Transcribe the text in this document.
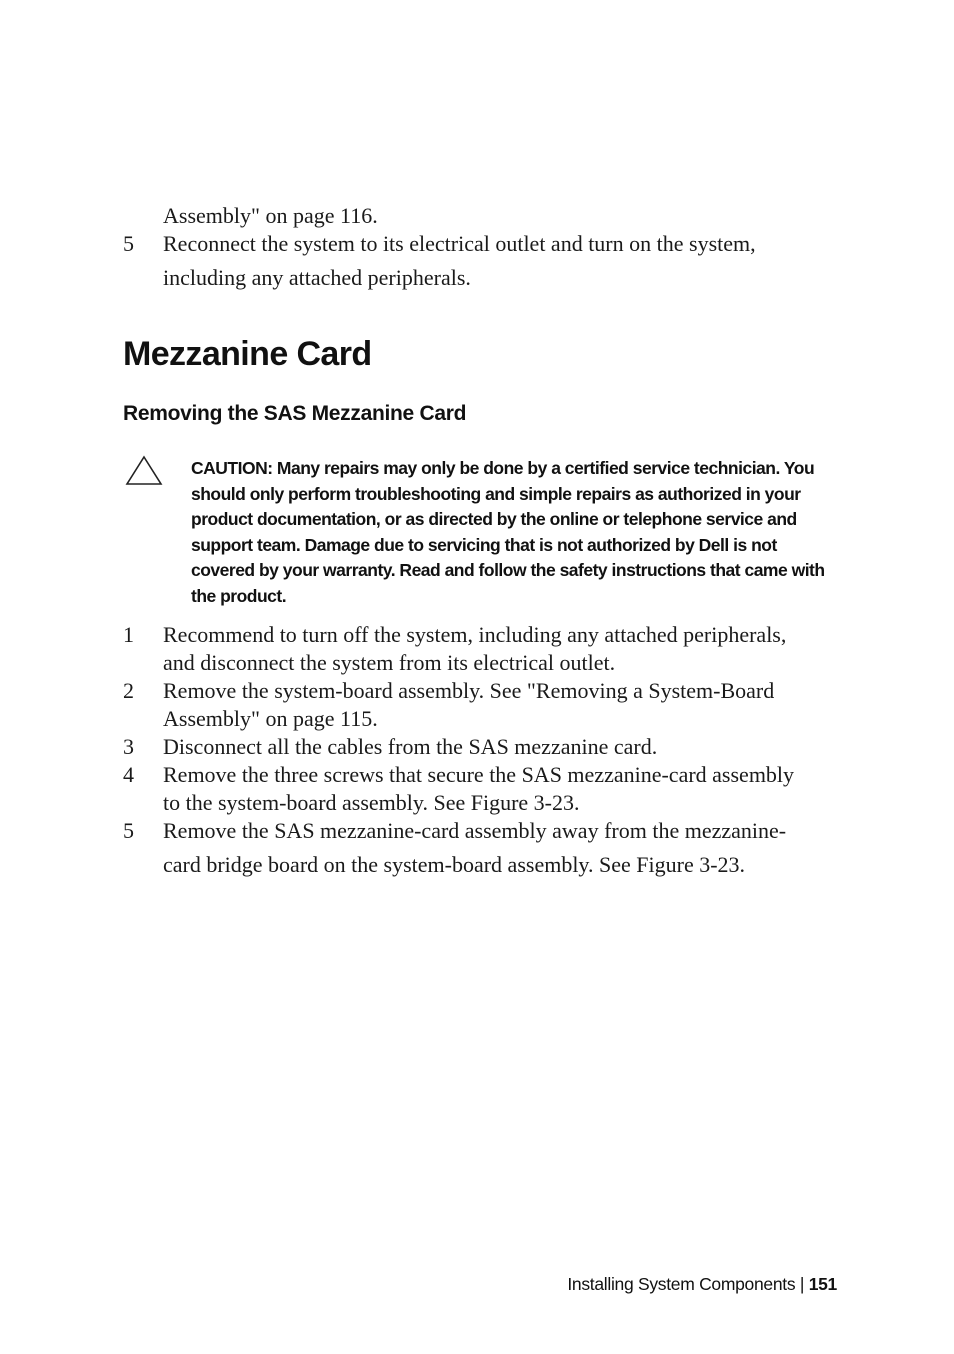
Assembly" on page 116.
5	Reconnect the system to its electrical outlet and turn on the system,
including any attached peripherals.
Mezzanine Card
Removing the SAS Mezzanine Card
CAUTION: Many repairs may only be done by a certified service technician. You
should only perform troubleshooting and simple repairs as authorized in your
product documentation, or as directed by the online or telephone service and
support team. Damage due to servicing that is not authorized by Dell is not
covered by your warranty. Read and follow the safety instructions that came with
the product.
1	Recommend to turn off the system, including any attached peripherals,
and disconnect the system from its electrical outlet.
2	Remove the system-board assembly. See "Removing a System-Board
Assembly" on page 115.
3	Disconnect all the cables from the SAS mezzanine card.
4	Remove the three screws that secure the SAS mezzanine-card assembly
to the system-board assembly. See Figure 3-23.
5	Remove the SAS mezzanine-card assembly away from the mezzanine-
card bridge board on the system-board assembly. See Figure 3-23.
Installing System Components | 151
